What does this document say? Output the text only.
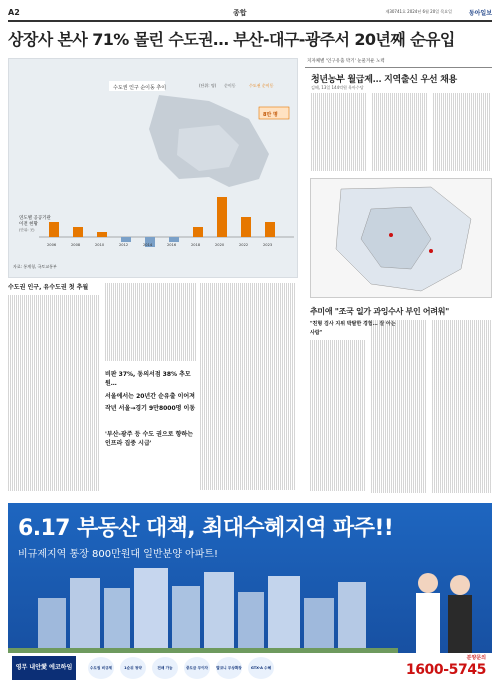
A2	종합	제30741호 2024년 6월 20일 목요일	동아일보
상장사 본사 71% 몰린 수도권… 부산-대구-광주서 20년째 순유입
수도권 인구 순이동 추이	(단위: 명) 순이동	수도권 순이동
8만 명
연도별 공공기관
이전 현황
(단위: 곳)
2006	2008	2010	2012	2014	2016	2018	2020	2022	2023
자료: 통계청, 국토교통부
지자체별 '인구유출 막기' 눈물겨운 노력
청년농부 월급제… 지역출신 우선 채용
김해, 13일 144억원 육아수당
수도권 인구, 유수도권 첫 추월
비판 37%, 동의서점 38% 추모원…
서울에서는 20년간 순유출 이어져
작년 서울→경기 9만8000명 이동
'부산-광주 등 수도 권으로 향하는 인프라 집중 시급'
추미애 "조국 일가 과잉수사 부인 어려워"
"친형 검사 지위 박탈한 경험… 잘 아는 사람"
6.17 부동산 대책, 최대수혜지역 파주!!
비규제지역 통장 800만원대 일반분양 아파트!
영무 내안愛 에코하임	수도권 비규제	1순위 청약	전매 가능	중도금 무이자	발코니 무상확장	GTX-A 수혜
분양문의
1600-5745
